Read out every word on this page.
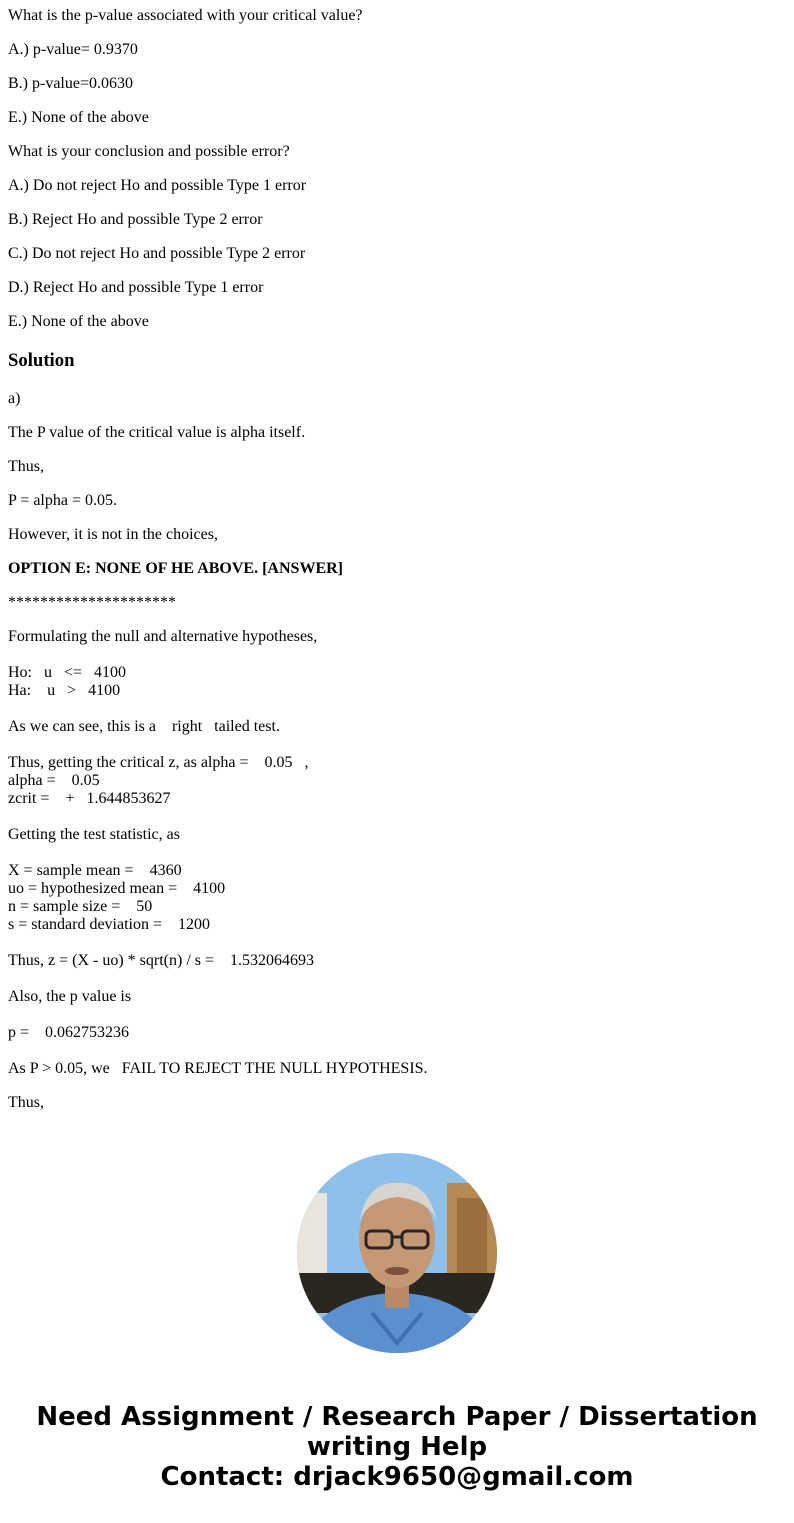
What is the p-value associated with your critical value?
A.) p-value= 0.9370
B.) p-value=0.0630
E.) None of the above
What is your conclusion and possible error?
A.) Do not reject Ho and possible Type 1 error
B.) Reject Ho and possible Type 2 error
C.) Do not reject Ho and possible Type 2 error
D.) Reject Ho and possible Type 1 error
E.) None of the above
Solution
a)
The P value of the critical value is alpha itself.
Thus,
P = alpha = 0.05.
However, it is not in the choices,
OPTION E: NONE OF HE ABOVE. [ANSWER]
*********************
Formulating the null and alternative hypotheses,
Ho:   u   <=   4100
Ha:    u   >   4100
As we can see, this is a    right   tailed test.
Thus, getting the critical z, as alpha =    0.05   ,
alpha =    0.05
zcrit =    +   1.644853627
Getting the test statistic, as
X = sample mean =    4360
uo = hypothesized mean =    4100
n = sample size =    50
s = standard deviation =    1200
Thus, z = (X - uo) * sqrt(n) / s =    1.532064693
Also, the p value is
p =    0.062753236
As P > 0.05, we   FAIL TO REJECT THE NULL HYPOTHESIS.
Thus,
Need Assignment / Research Paper / Dissertation
writing Help
Contact: drjack9650@gmail.com
